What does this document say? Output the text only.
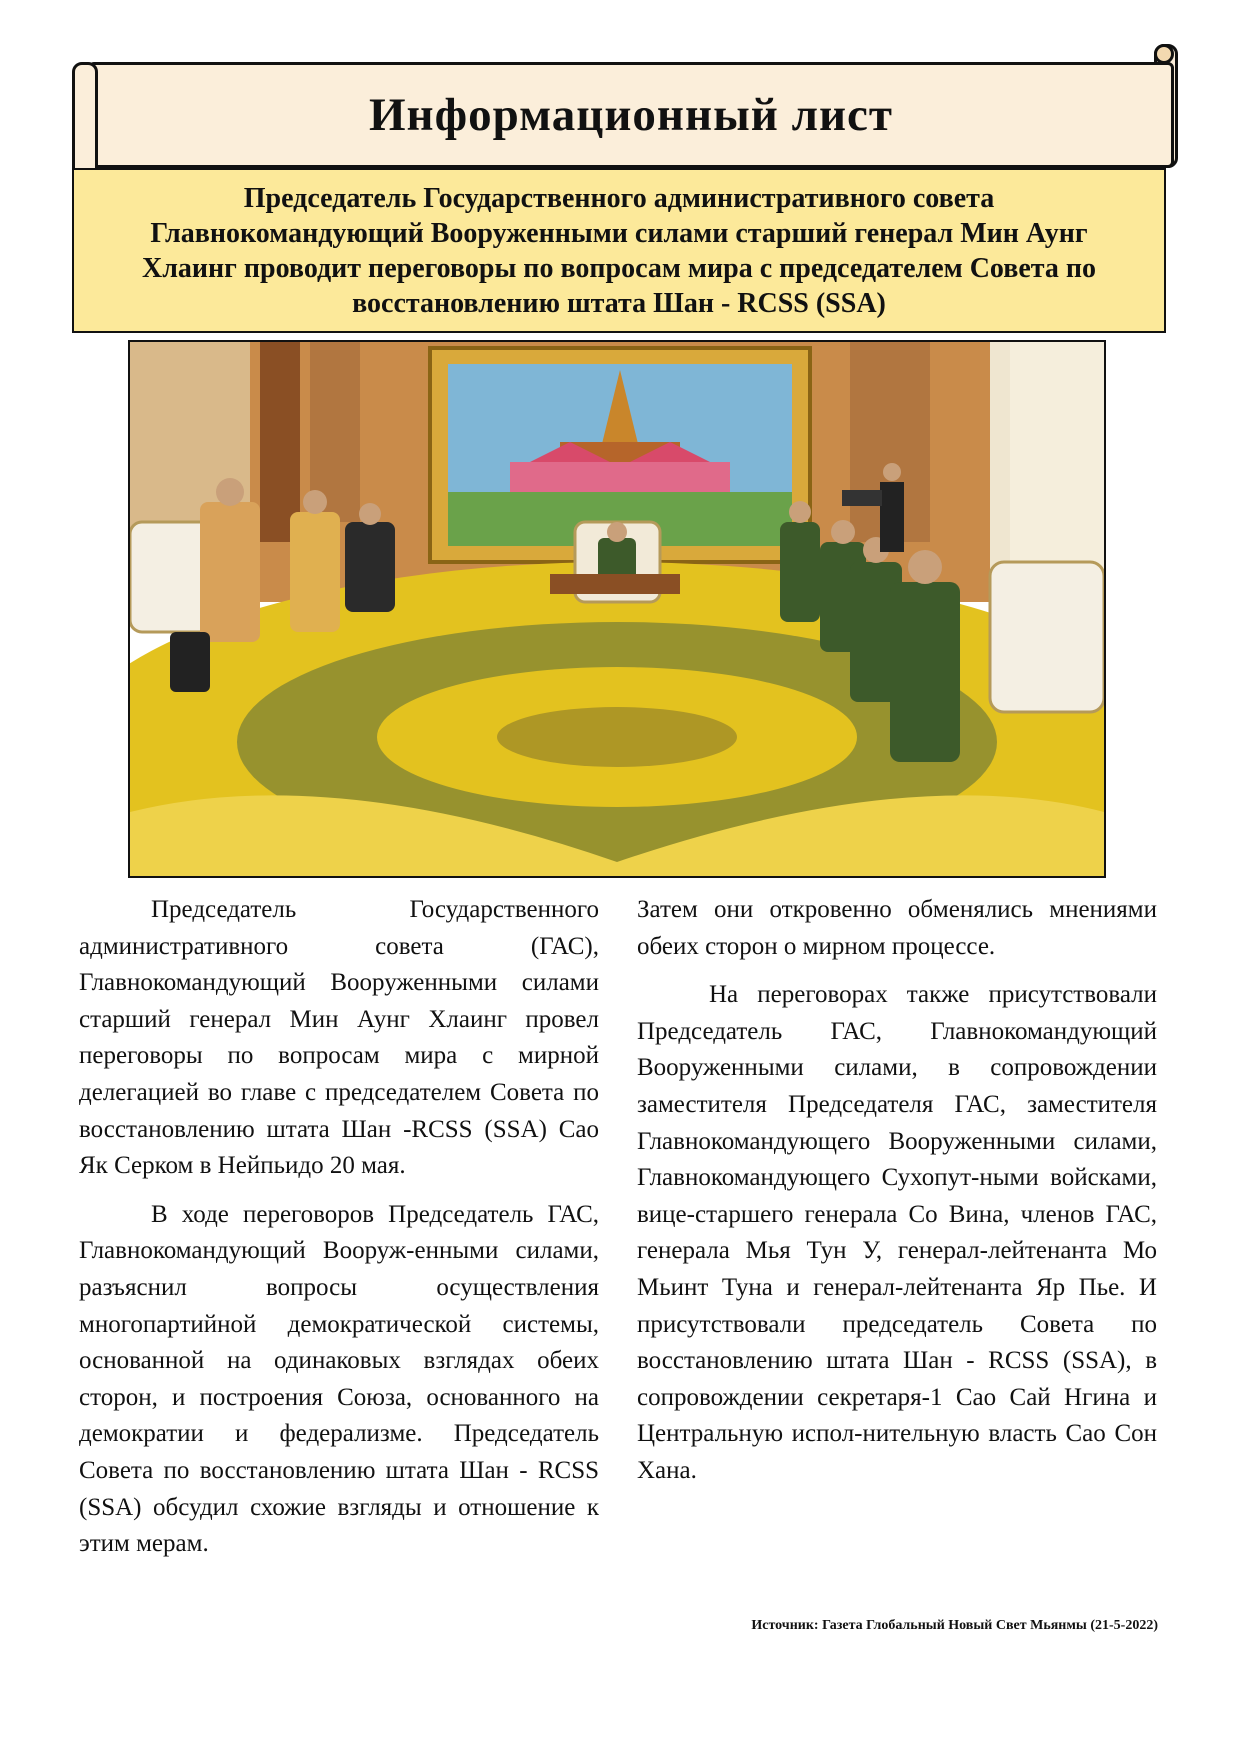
Информационный лист
Председатель Государственного административного совета
Главнокомандующий Вооруженными силами старший генерал Мин Аунг
Хлаинг проводит переговоры по вопросам мира с председателем Совета по
восстановлению штата Шан - RCSS (SSA)

Председатель Государственного административного совета (ГАС), Главнокомандующий Вооруженными силами старший генерал Мин Аунг Хлаинг провел переговоры по вопросам мира с мирной делегацией во главе с председателем Совета по восстановлению штата Шан -RCSS (SSA) Сао Як Серком в Нейпьидо 20 мая.

В ходе переговоров Председатель ГАС, Главнокомандующий Вооруж-енными силами, разъяснил вопросы осуществления многопартийной демократической системы, основанной на одинаковых взглядах обеих сторон, и построения Союза, основанного на демократии и федерализме. Председатель Совета по восстановлению штата Шан - RCSS (SSA) обсудил схожие взгляды и отношение к этим мерам.

Затем они откровенно обменялись мнениями обеих сторон о мирном процессе.

На переговорах также присутствовали Председатель ГАС, Главнокомандующий Вооруженными силами, в сопровождении заместителя Председателя ГАС, заместителя Главнокомандующего Вооруженными силами, Главнокомандующего Сухопут-ными войсками, вице-старшего генерала Со Вина, членов ГАС, генерала Мья Тун У, генерал-лейтенанта Мо Мьинт Туна и генерал-лейтенанта Яр Пье. И присутствовали председатель Совета по восстановлению штата Шан - RCSS (SSA), в сопровождении секретаря-1 Сао Сай Нгина и Центральную испол-нительную власть Сао Сон Хана.

Источник: Газета Глобальный Новый Свет Мьянмы (21-5-2022)
